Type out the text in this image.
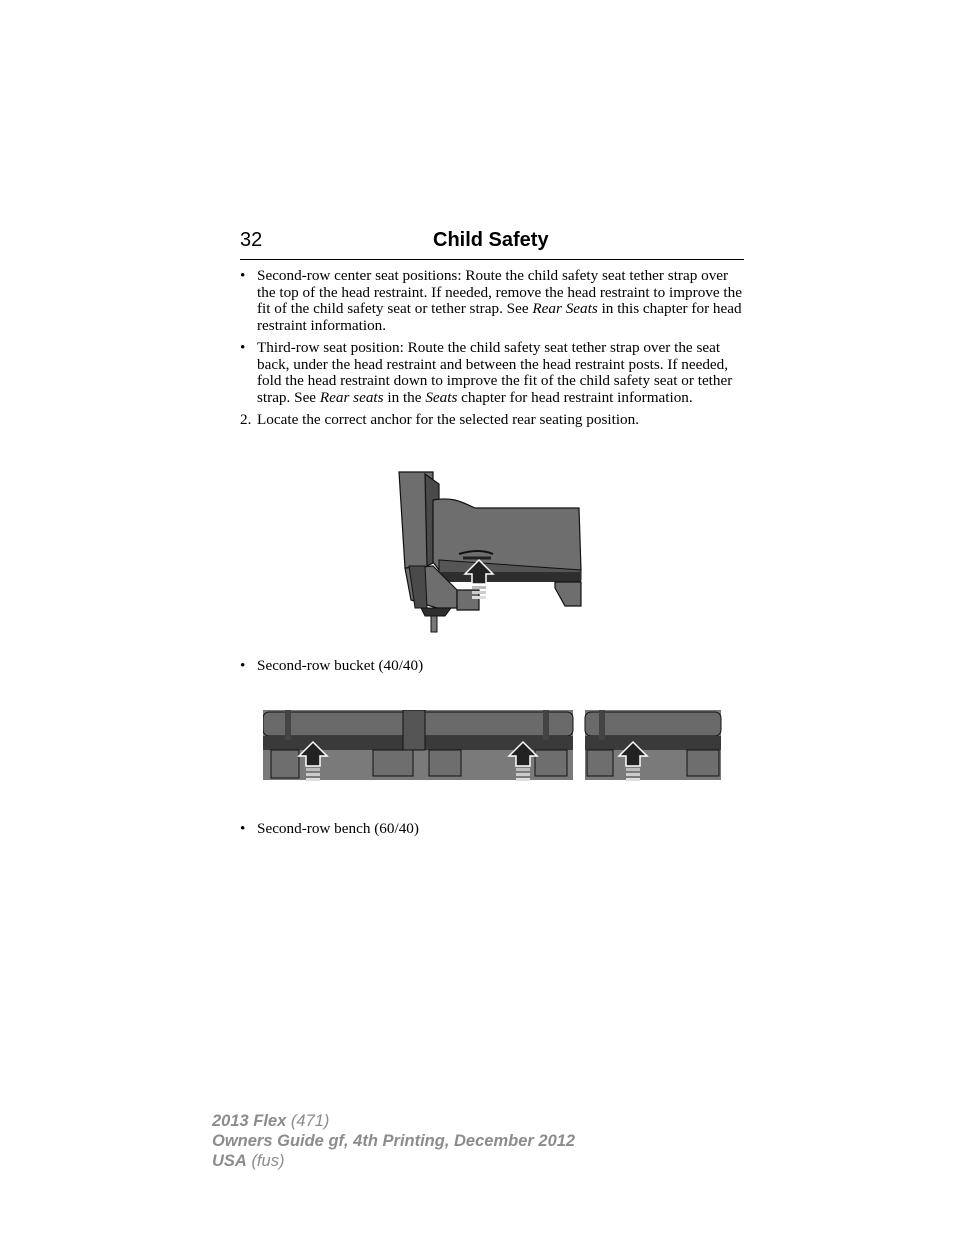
32	Child Safety
• Second-row center seat positions: Route the child safety seat tether strap over the top of the head restraint. If needed, remove the head restraint to improve the fit of the child safety seat or tether strap. See Rear Seats in this chapter for head restraint information.
• Third-row seat position: Route the child safety seat tether strap over the seat back, under the head restraint and between the head restraint posts. If needed, fold the head restraint down to improve the fit of the child safety seat or tether strap. See Rear seats in the Seats chapter for head restraint information.
2. Locate the correct anchor for the selected rear seating position.
• Second-row bucket (40/40)
• Second-row bench (60/40)
2013 Flex (471)
Owners Guide gf, 4th Printing, December 2012
USA (fus)
